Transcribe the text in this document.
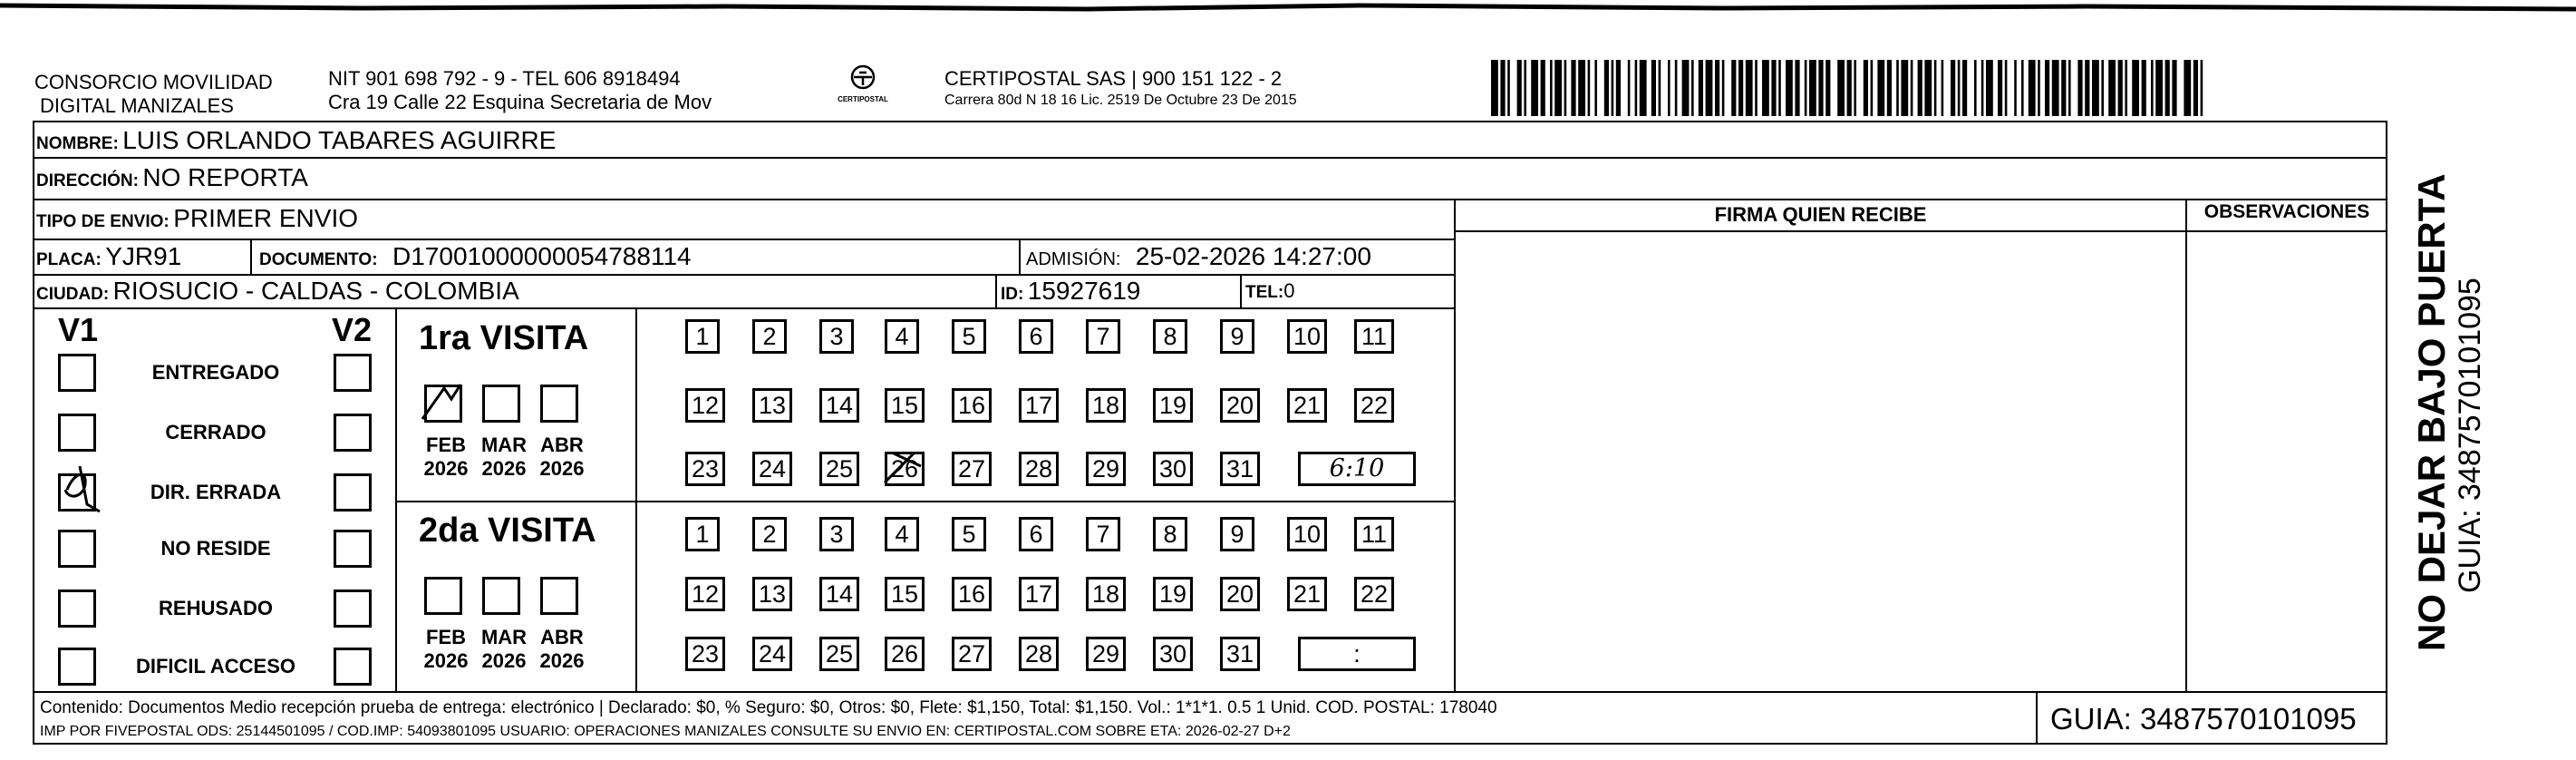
CONSORCIO MOVILIDAD
DIGITAL MANIZALES
NIT 901 698 792 - 9 - TEL 606 8918494
Cra 19 Calle 22 Esquina Secretaria de Mov	CERTIPOSTAL
CERTIPOSTAL SAS | 900 151 122 - 2
Carrera 80d N 18 16 Lic. 2519 De Octubre 23 De 2015
NOMBRE: LUIS ORLANDO TABARES AGUIRRE
DIRECCIÓN: NO REPORTA
TIPO DE ENVIO: PRIMER ENVIO
PLACA: YJR91	DOCUMENTO: D17001000000054788114	ADMISIÓN: 25-02-2026 14:27:00
CIUDAD: RIOSUCIO - CALDAS - COLOMBIA	ID: 15927619	TEL:0
FIRMA QUIEN RECIBE	OBSERVACIONES
V1	V2
ENTREGADO
CERRADO
DIR. ERRADA
NO RESIDE
REHUSADO
DIFICIL ACCESO
1ra VISITA
2da VISITA
FEB
2026
MAR
2026
ABR
2026
FEB
2026
MAR
2026
ABR
2026
1	2	3	4	5	6	7	8	9	10 11
12 13 14 15 16 17 18 19 20 21 22
23 24 25 26 27 28 29 30 31	6:10
1	2	3	4	5	6	7	8	9	10 11
12 13 14 15 16 17 18 19 20 21 22
23 24 25 26 27 28 29 30 31	:
NO DEJAR BAJO PUERTA GUIA: 3487570101095
Contenido: Documentos Medio recepción prueba de entrega: electrónico | Declarado: $0, % Seguro: $0, Otros: $0, Flete: $1,150, Total: $1,150. Vol.: 1*1*1. 0.5 1 Unid. COD. POSTAL: 178040
IMP POR FIVEPOSTAL ODS: 25144501095 / COD.IMP: 54093801095 USUARIO: OPERACIONES MANIZALES CONSULTE SU ENVIO EN: CERTIPOSTAL.COM SOBRE ETA: 2026-02-27 D+2	GUIA: 3487570101095
